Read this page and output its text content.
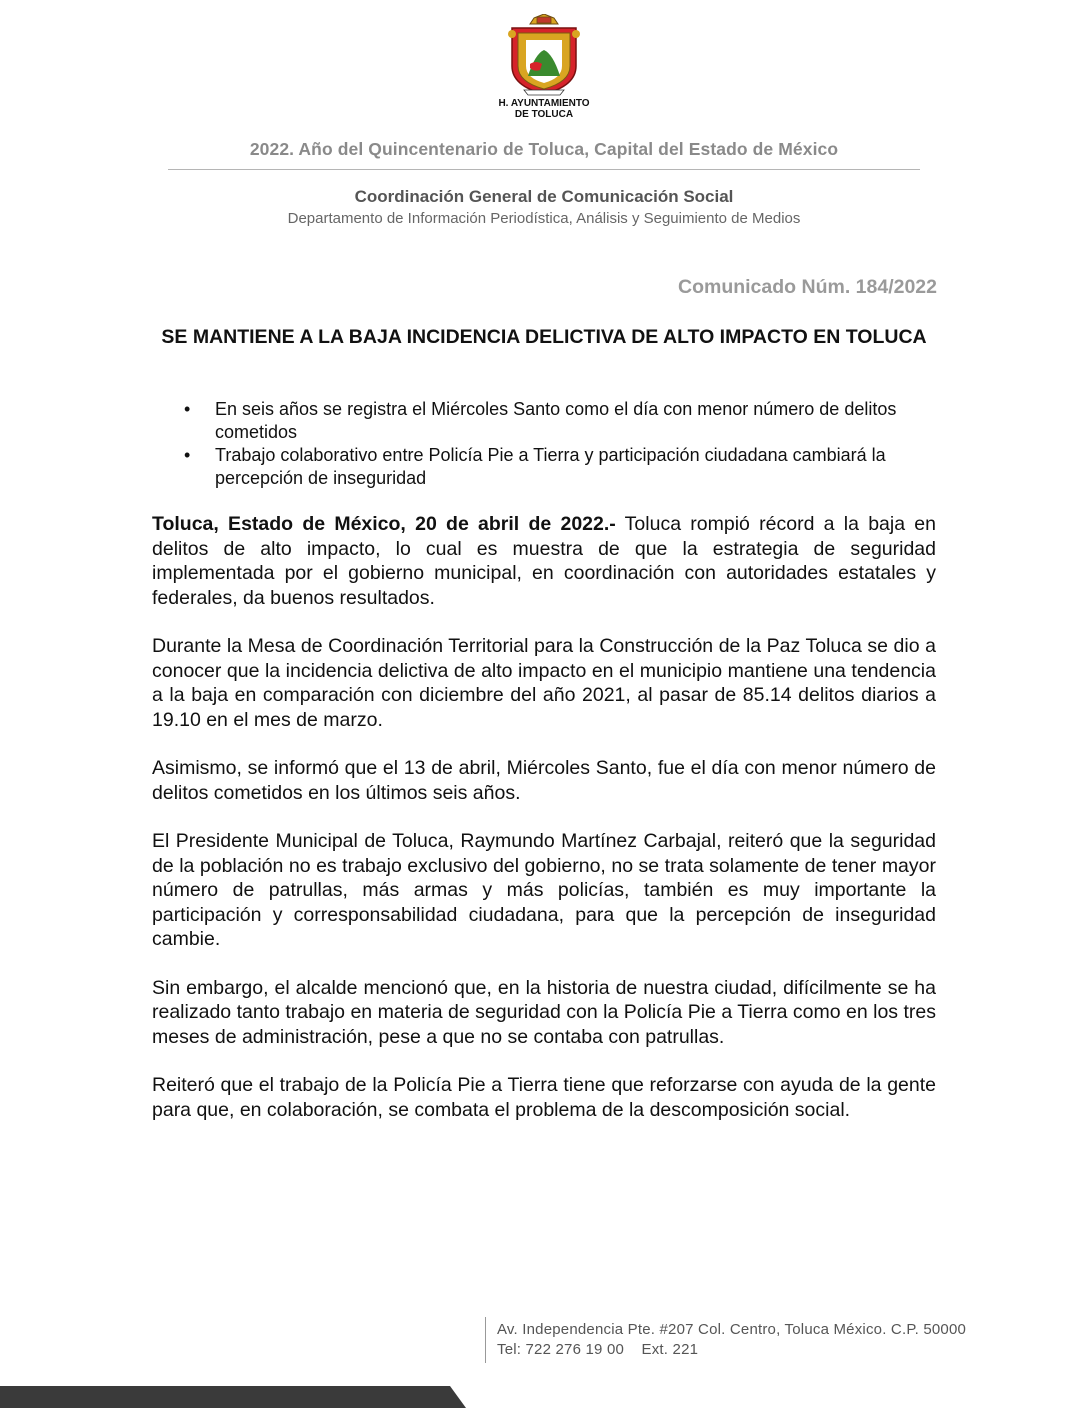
H. AYUNTAMIENTO
DE TOLUCA
2022. Año del Quincentenario de Toluca, Capital del Estado de México
Coordinación General de Comunicación Social
Departamento de Información Periodística, Análisis y Seguimiento de Medios
Comunicado Núm. 184/2022
SE MANTIENE A LA BAJA INCIDENCIA DELICTIVA DE ALTO IMPACTO EN TOLUCA
• En seis años se registra el Miércoles Santo como el día con menor número de delitos cometidos
• Trabajo colaborativo entre Policía Pie a Tierra y participación ciudadana cambiará la percepción de inseguridad

Toluca, Estado de México, 20 de abril de 2022.- Toluca rompió récord a la baja en delitos de alto impacto, lo cual es muestra de que la estrategia de seguridad implementada por el gobierno municipal, en coordinación con autoridades estatales y federales, da buenos resultados.

Durante la Mesa de Coordinación Territorial para la Construcción de la Paz Toluca se dio a conocer que la incidencia delictiva de alto impacto en el municipio mantiene una tendencia a la baja en comparación con diciembre del año 2021, al pasar de 85.14 delitos diarios a 19.10 en el mes de marzo.

Asimismo, se informó que el 13 de abril, Miércoles Santo, fue el día con menor número de delitos cometidos en los últimos seis años.

El Presidente Municipal de Toluca, Raymundo Martínez Carbajal, reiteró que la seguridad de la población no es trabajo exclusivo del gobierno, no se trata solamente de tener mayor número de patrullas, más armas y más policías, también es muy importante la participación y corresponsabilidad ciudadana, para que la percepción de inseguridad cambie.

Sin embargo, el alcalde mencionó que, en la historia de nuestra ciudad, difícilmente se ha realizado tanto trabajo en materia de seguridad con la Policía Pie a Tierra como en los tres meses de administración, pese a que no se contaba con patrullas.

Reiteró que el trabajo de la Policía Pie a Tierra tiene que reforzarse con ayuda de la gente para que, en colaboración, se combata el problema de la descomposición social.

Av. Independencia Pte. #207 Col. Centro, Toluca México. C.P. 50000
Tel: 722 276 19 00 Ext. 221
